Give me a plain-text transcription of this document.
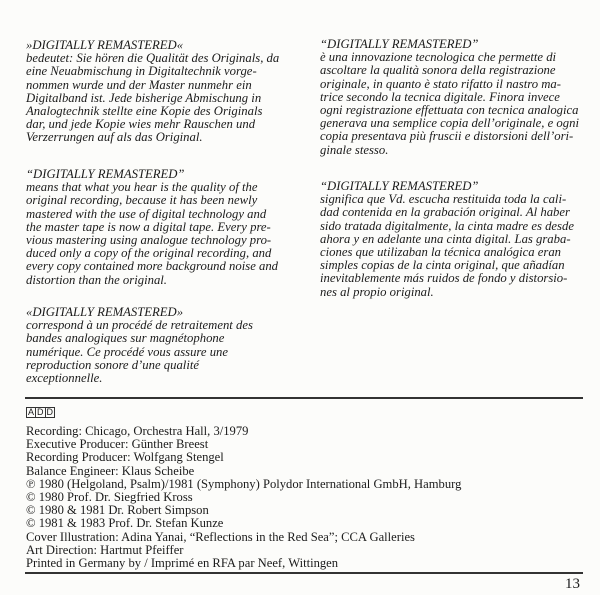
»DIGITALLY REMASTERED«
bedeutet: Sie hören die Qualität des Originals, da
eine Neuabmischung in Digitaltechnik vorge-
nommen wurde und der Master nunmehr ein
Digitalband ist. Jede bisherige Abmischung in
Analogtechnik stellte eine Kopie des Originals
dar, und jede Kopie wies mehr Rauschen und
Verzerrungen auf als das Original.
“DIGITALLY REMASTERED”
means that what you hear is the quality of the
original recording, because it has been newly
mastered with the use of digital technology and
the master tape is now a digital tape. Every pre-
vious mastering using analogue technology pro-
duced only a copy of the original recording, and
every copy contained more background noise and
distortion than the original.
«DIGITALLY REMASTERED»
correspond à un procédé de retraitement des
bandes analogiques sur magnétophone
numérique. Ce procédé vous assure une
reproduction sonore d’une qualité
exceptionnelle.
“DIGITALLY REMASTERED”
è una innovazione tecnologica che permette di
ascoltare la qualità sonora della registrazione
originale, in quanto è stato rifatto il nastro ma-
trice secondo la tecnica digitale. Finora invece
ogni registrazione effettuata con tecnica analogica
generava una semplice copia dell’originale, e ogni
copia presentava più fruscii e distorsioni dell’ori-
ginale stesso.
“DIGITALLY REMASTERED”
significa que Vd. escucha restituida toda la cali-
dad contenida en la grabación original. Al haber
sido tratada digitalmente, la cinta madre es desde
ahora y en adelante una cinta digital. Las graba-
ciones que utilizaban la técnica analógica eran
simples copias de la cinta original, que añadían
inevitablemente más ruidos de fondo y distorsio-
nes al propio original.
A D D
Recording: Chicago, Orchestra Hall, 3/1979
Executive Producer: Günther Breest
Recording Producer: Wolfgang Stengel
Balance Engineer: Klaus Scheibe
℗ 1980 (Helgoland, Psalm)/1981 (Symphony) Polydor International GmbH, Hamburg
© 1980 Prof. Dr. Siegfried Kross
© 1980 & 1981 Dr. Robert Simpson
© 1981 & 1983 Prof. Dr. Stefan Kunze
Cover Illustration: Adina Yanai, “Reflections in the Red Sea”; CCA Galleries
Art Direction: Hartmut Pfeiffer
Printed in Germany by / Imprimé en RFA par Neef, Wittingen
13
